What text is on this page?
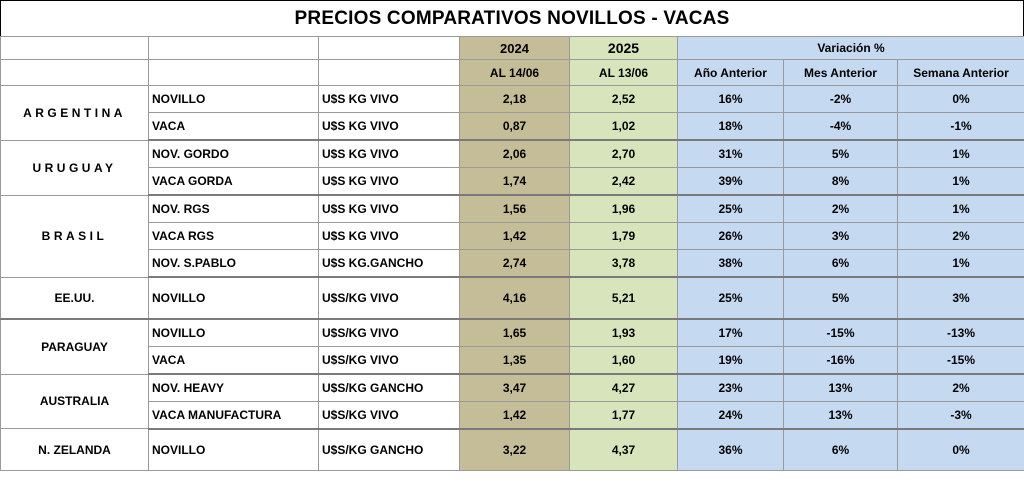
PRECIOS COMPARATIVOS NOVILLOS - VACAS
			2024	2025	Variación %		
			AL 14/06	AL 13/06	Año Anterior	Mes Anterior	Semana Anterior
ARGENTINA	NOVILLO	U$S KG VIVO	2,18	2,52	16%	-2%	0%
	VACA	U$S KG VIVO	0,87	1,02	18%	-4%	-1%
URUGUAY	NOV. GORDO	U$S KG VIVO	2,06	2,70	31%	5%	1%
	VACA GORDA	U$S KG VIVO	1,74	2,42	39%	8%	1%
BRASIL	NOV. RGS	U$S KG VIVO	1,56	1,96	25%	2%	1%
	VACA RGS	U$S KG VIVO	1,42	1,79	26%	3%	2%
	NOV. S.PABLO	U$S KG.GANCHO	2,74	3,78	38%	6%	1%
EE.UU.	NOVILLO	U$S/KG VIVO	4,16	5,21	25%	5%	3%
PARAGUAY	NOVILLO	U$S/KG VIVO	1,65	1,93	17%	-15%	-13%
	VACA	U$S/KG VIVO	1,35	1,60	19%	-16%	-15%
AUSTRALIA	NOV. HEAVY	U$S/KG GANCHO	3,47	4,27	23%	13%	2%
	VACA MANUFACTURA	U$S/KG VIVO	1,42	1,77	24%	13%	-3%
N. ZELANDA	NOVILLO	U$S/KG GANCHO	3,22	4,37	36%	6%	0%
